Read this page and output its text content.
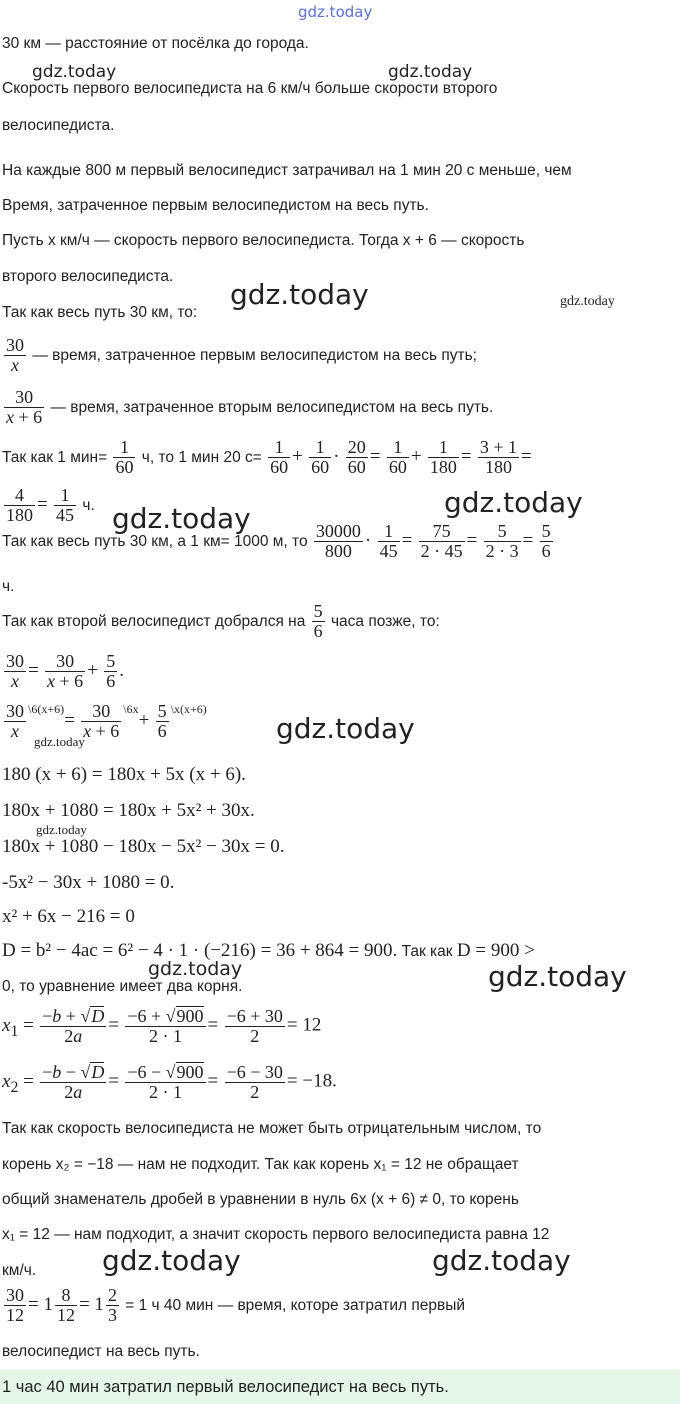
gdz.today
gdz.today	gdz.today
gdz.today	gdz.today
gdz.today
gdz.today
gdz.today
gdz.today
gdz.today
gdz.today	gdz.today
gdz.today	gdz.today
30 км — расстояние от посёлка до города.
Скорость первого велосипедиста на 6 км/ч больше скорости второго
велосипедиста.
На каждые 800 м первый велосипедист затрачивал на 1 мин 20 с меньше, чем
Время, затраченное первым велосипедистом на весь путь.
Пусть x км/ч — скорость первого велосипедиста. Тогда x + 6 — скорость
второго велосипедиста.
Так как весь путь 30 км, то:
$\frac{30}{x}$ — время, затраченное первым велосипедистом на весь путь;
$\frac{30}{x + 6}$ — время, затраченное вторым велосипедистом на весь путь.
Так как 1 $мин= \frac{1}{60} ч$, то 1 мин 20 $с= \frac{1}{60} + \frac{1}{60} \cdot \frac{20}{60} = \frac{1}{60} + \frac{1}{180} = \frac{3 + 1}{180}$ =
$\frac{4}{180} = \frac{1}{45} ч$.
Так как весь путь 30 км, а 1 км= 1000 м, то $\frac{30000}{800} \cdot \frac{1}{45} = \frac{75}{2 \cdot 45} = \frac{5}{2 \cdot 3} = \frac{5}{6}$
ч.
Так как второй велосипедист добрался на $\frac{5}{6}$ часа позже, то:
$\frac{30}{x} = \frac{30}{x + 6} + \frac{5}{6}$ .
$\frac{30}{x} ^{\backslash 6(x+6)}= \frac{30}{x + 6} ^{\backslash 6x}+ \frac{5}{6} ^{\backslash x(x+6)}$
180 (x + 6) = 180x + 5x (x + 6).
180x + 1080 = 180x + 5x² + 30x.
180x + 1080 − 180x − 5x² − 30x = 0.
-5x² − 30x + 1080 = 0.
x² + 6x − 216 = 0
D = b² − 4ac = 6² − 4 · 1 · (−216) = 36 + 864 = 900. Так как D = 900 >
0, то уравнение имеет два корня.
$x_1 = \frac{-b + √D}{2a} = \frac{-6 + √900}{2 \cdot 1} = \frac{-6 + 30}{2} = 12$
$x_2 = \frac{-b - √D}{2a} = \frac{-6 - √900}{2 \cdot 1} = \frac{-6 - 30}{2} = -18$.
Так как скорость велосипедиста не может быть отрицательным числом, то
корень x₂ = −18 — нам не подходит. Так как корень x₁ = 12 не обращает
общий знаменатель дробей в уравнении в нуль 6x (x + 6) ≠ 0, то корень
x₁ = 12 — нам подходит, а значит скорость первого велосипедиста равна 12
км/ч.
$\frac{30}{12} = 1 \frac{8}{12} = 1 \frac{2}{3} = 1$ ч 40 мин — время, которе затратил первый
велосипедист на весь путь.
1 час 40 мин затратил первый велосипедист на весь путь.
